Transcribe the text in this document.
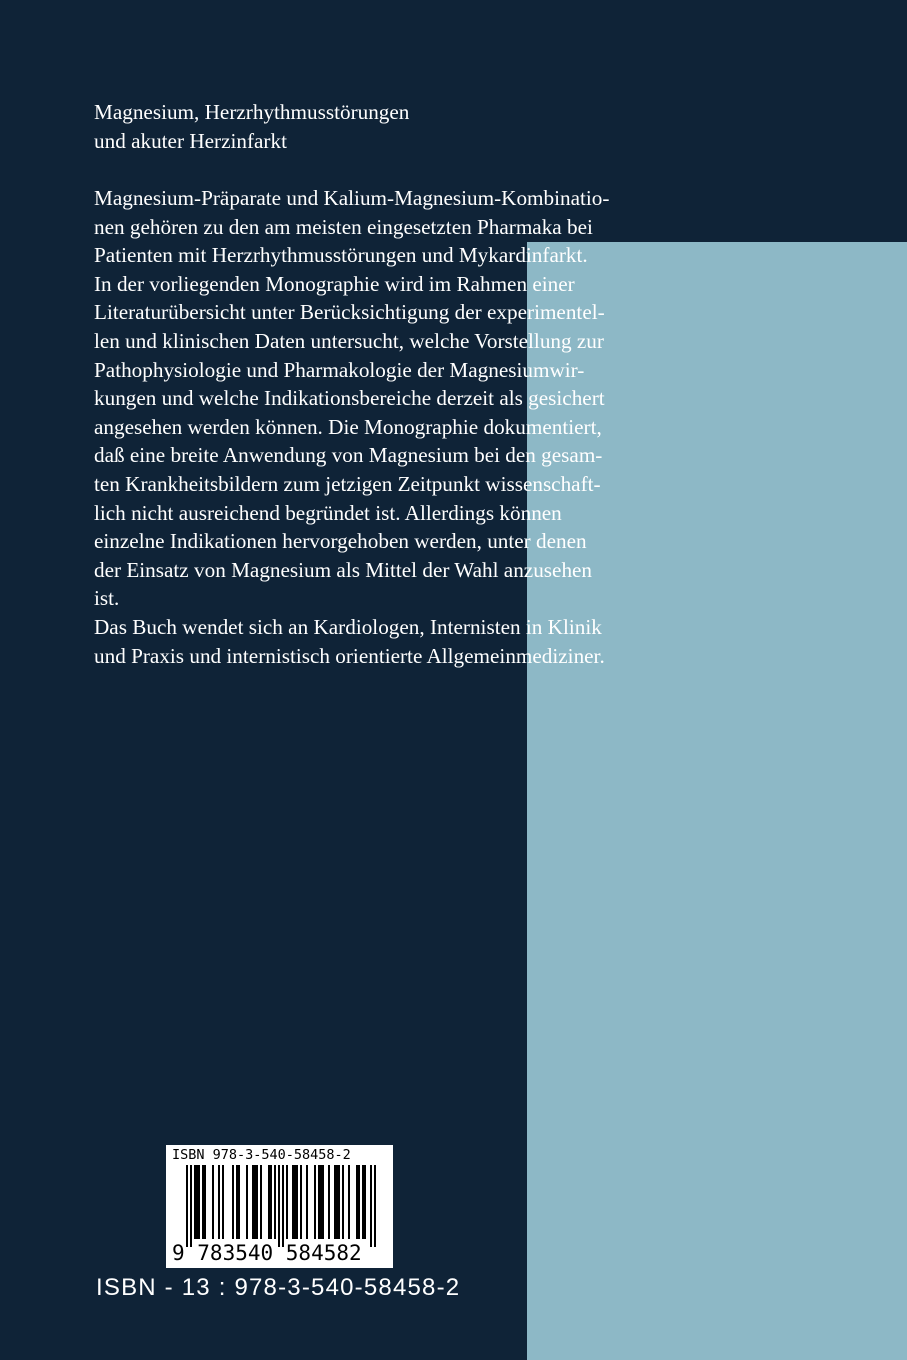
Magnesium, Herzrhythmusstörungen
und akuter Herzinfarkt
Magnesium-Präparate und Kalium-Magnesium-Kombinatio-
nen gehören zu den am meisten eingesetzten Pharmaka bei
Patienten mit Herzrhythmusstörungen und Mykardinfarkt.
In der vorliegenden Monographie wird im Rahmen einer
Literaturübersicht unter Berücksichtigung der experimentel-
len und klinischen Daten untersucht, welche Vorstellung zur
Pathophysiologie und Pharmakologie der Magnesiumwir-
kungen und welche Indikationsbereiche derzeit als gesichert
angesehen werden können. Die Monographie dokumentiert,
daß eine breite Anwendung von Magnesium bei den gesam-
ten Krankheitsbildern zum jetzigen Zeitpunkt wissenschaft-
lich nicht ausreichend begründet ist. Allerdings können
einzelne Indikationen hervorgehoben werden, unter denen
der Einsatz von Magnesium als Mittel der Wahl anzusehen
ist.
Das Buch wendet sich an Kardiologen, Internisten in Klinik
und Praxis und internistisch orientierte Allgemeinmediziner.
ISBN 978-3-540-58458-2
9 783540 584582
ISBN - 13 : 978-3-540-58458-2
